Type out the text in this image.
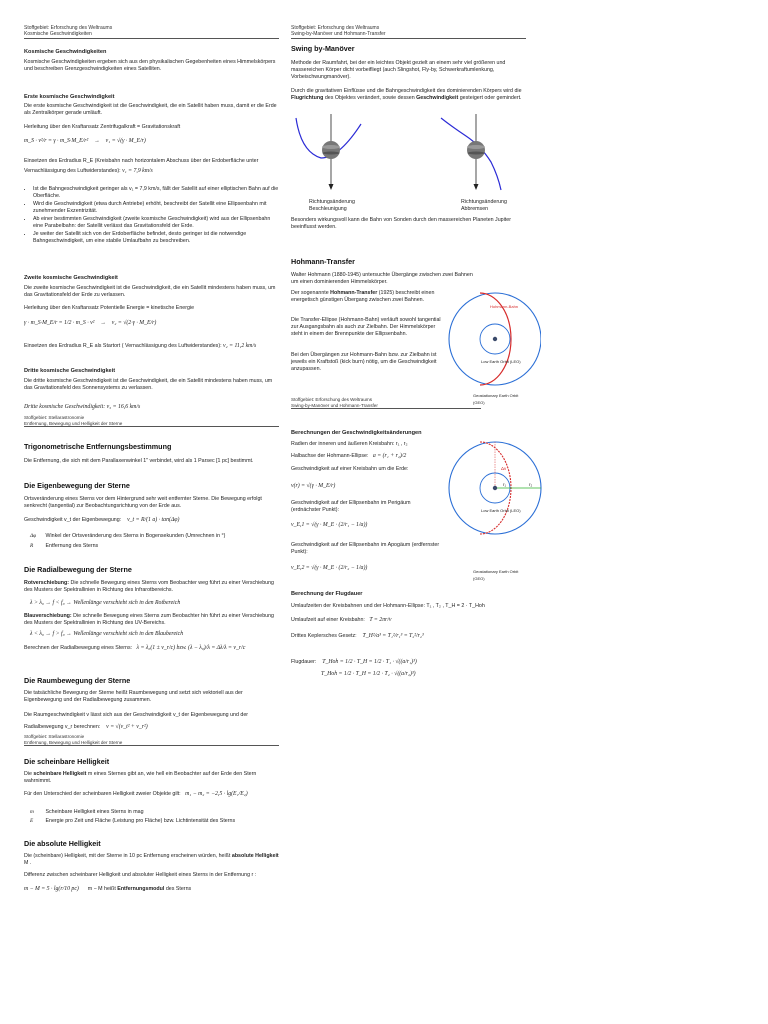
Stoffgebiet: Erforschung des Weltraums
Kosmische Geschwindigkeiten
Kosmische Geschwindigkeiten

Kosmische Geschwindigkeiten ergeben sich aus den physikalischen Gegebenheiten eines Himmelskörpers und beschreiben Grenzgeschwindigkeiten eines Satelliten.

Erste kosmische Geschwindigkeit

Die erste kosmische Geschwindigkeit ist die Geschwindigkeit, die ein Satellit haben muss, damit er die Erde als Zentralkörper gerade umläuft.

Herleitung über den Kraftansatz Zentrifugalkraft = Gravitationskraft

m_S · v²/r = γ · m_S·M_E/r²    →    v₁ = √(γ · M_E/r)

Einsetzen des Erdradius R_E (Kreisbahn nach horizontalem Abschuss über der Erdoberfläche unter

Vernachlässigung des Luftwiderstandes): v₁ = 7,9 km/s

• Ist die Bahngeschwindigkeit geringer als v₁ = 7,9 km/s, fällt der Satellit auf einer elliptischen Bahn auf die Oberfläche.
• Wird die Geschwindigkeit (etwa durch Antriebe) erhöht, beschreibt der Satellit eine Ellipsenbahn mit zunehmender Exzentrizität.
• Ab einer bestimmten Geschwindigkeit (zweite kosmische Geschwindigkeit) wird aus der Ellipsenbahn eine Parabelbahn: der Satellit verlässt das Gravitationsfeld der Erde.
• Je weiter der Satellit sich von der Erdoberfläche befindet, desto geringer ist die notwendige Bahngeschwindigkeit, um eine stabile Umlaufbahn zu beschreiben.
Zweite kosmische Geschwindigkeit

Die zweite kosmische Geschwindigkeit ist die Geschwindigkeit, die ein Satellit mindestens haben muss, um das Gravitationsfeld der Erde zu verlassen.

Herleitung über den Kraftansatz Potentielle Energie = kinetische Energie

γ · m_S·M_E/r = 1/2 · m_S · v²    →    v₂ = √(2·γ · M_E/r)

Einsetzen des Erdradius R_E als Startort ( Vernachlässigung des Luftwiderstandes): v₂ = 11,2 km/s

Dritte kosmische Geschwindigkeit

Die dritte kosmische Geschwindigkeit ist die Geschwindigkeit, die ein Satellit mindestens haben muss, um das Gravitationsfeld des Sonnensystems zu verlassen.

Dritte kosmische Geschwindigkeit: v₃ = 16,6 km/s

Stoffgebiet: Stellarastronomie
Entfernung, Bewegung und Helligkeit der Sterne
Trigonometrische Entfernungsbestimmung

Die Entfernung, die sich mit dem Parallaxenwinkel 1" verbindet, wird als 1 Parsec [1 pc] bestimmt.

Die Eigenbewegung der Sterne

Ortsveränderung eines Sterns vor dem Hintergrund sehr weit entfernter Sterne. Die Bewegung erfolgt senkrecht (tangential) zur Beobachtungsrichtung von der Erde aus.

Geschwindigkeit v_t der Eigenbewegung: v_t = R/(1 a) · tan(Δφ)
Δφ Winkel der Ortsveränderung des Sterns in Bogensekunden (Umrechnen in °)
R Entfernung des Sterns
Die Radialbewegung der Sterne

Rotverschiebung: Die schnelle Bewegung eines Sterns vom Beobachter weg führt zu einer Verschiebung des Musters der Spektrallinien in Richtung des Infrarotbereichs.

λ > λ₀ → f < f₀ → Wellenlänge verschiebt sich in den Rotbereich

Blauverschiebung: Die schnelle Bewegung eines Sterns zum Beobachter hin führt zu einer Verschiebung des Musters der Spektrallinien in Richtung des UV-Bereichs.

λ < λ₀ → f > f₀ → Wellenlänge verschiebt sich in den Blaubereich
Berechnen der Radialbewegung eines Sterns: λ = λ₀(1 ± v_r/c) bzw. (λ − λ₀)/λ = Δλ/λ = v_r/c
Die Raumbewegung der Sterne

Die tatsächliche Bewegung der Sterne heißt Raumbewegung und setzt sich vektoriell aus der Eigenbewegung und der Radialbewegung zusammen.

Die Raumgeschwindigkeit v lässt sich aus der Geschwindigkeit v_t der Eigenbewegung und der

Radialbewegung v_r berechnen: v = √(v_t² + v_r²)

Stoffgebiet: Stellarastronomie
Entfernung, Bewegung und Helligkeit der Sterne
Die scheinbare Helligkeit

Die scheinbare Helligkeit m eines Sternes gibt an, wie hell ein Beobachter auf der Erde den Stern wahrnimmt.

Für den Unterschied der scheinbaren Helligkeit zweier Objekte gilt: m₁ − m₂ = −2,5 · lg(E₁/E₂)
m Scheinbare Helligkeit eines Sterns in mag
E Energie pro Zeit und Fläche (Leistung pro Fläche) bzw. Lichtintensität des Sterns
Die absolute Helligkeit

Die (scheinbare) Helligkeit, mit der Sterne in 10 pc Entfernung erscheinen würden, heißt absolute Helligkeit M .

Differenz zwischen scheinbarer Helligkeit und absoluter Helligkeit eines Sterns in der Entfernung r :

m − M = 5 · lg(r/10 pc) m − M heißt Entfernungsmodul des Sterns
Stoffgebiet: Erforschung des Weltraums
Swing-by-Manöver und Hohmann-Transfer
Swing by-Manöver

Methode der Raumfahrt, bei der ein leichtes Objekt gezielt an einem sehr viel größeren und massereichen Körper dicht vorbeifliegt (auch Slingshot, Fly-by, Schwerkraftumlenkung, Vorbeischwungmanöver).

Durch die gravitativen Einflüsse und die Bahngeschwindigkeit des dominierenden Körpers wird die Flugrichtung des Objektes verändert, sowie dessen Geschwindigkeit gesteigert oder gemindert.

Richtungsänderung
Beschleunigung
Richtungsänderung
Abbremsen

Besonders wirkungsvoll kann die Bahn von Sonden durch den massereichen Planeten Jupiter beeinflusst werden.

Hohmann-Transfer

Walter Hohmann (1880-1945) untersuchte Übergänge zwischen zwei Bahnen um einen dominierenden Himmelskörper.

Der sogenannte Hohmann-Transfer (1925) beschreibt einen energetisch günstigen Übergang zwischen zwei Bahnen.

Die Transfer-Ellipse (Hohmann-Bahn) verläuft sowohl tangential zur Ausgangsbahn als auch zur Zielbahn. Der Himmelskörper steht in einem der Brennpunkte der Ellipsenbahn.

Bei den Übergängen zur Hohmann-Bahn bzw. zur Zielbahn ist jeweils ein Kraftstoß (kick burn) nötig, um die Geschwindigkeit anzupassen.

Hohmann-Bahn
Low Earth Orbit (LEO)
Geostationary Earth Orbit (GEO)
Stoffgebiet: Erforschung des Weltraums
Swing-by-Manöver und Hohmann-Transfer
Berechnungen der Geschwindigkeitsänderungen

Radien der inneren und äußeren Kreisbahn: r₁ , r₂

Halbachse der Hohmann-Ellipse: a = (r₁ + r₂)/2

Geschwindigkeit auf einer Kreisbahn um die Erde:

v(r) = √(γ · M_E/r)

Geschwindigkeit auf der Ellipsenbahn im Perigäum (erdnächster Punkt):

v_E,1 = √(γ · M_E · (2/r₁ − 1/a))

Geschwindigkeit auf der Ellipsenbahn im Apogäum (erdfernster Punkt):

v_E,2 = √(γ · M_E · (2/r₂ − 1/a))
Δv
r₁	r₂
Low Earth Orbit (LEO)
Geostationary Earth Orbit (GEO)
Berechnung der Flugdauer

Umlaufzeiten der Kreisbahnen und der Hohmann-Ellipse: T₁ , T₂ , T_H = 2 · T_Hoh

Umlaufzeit auf einer Kreisbahn: T = 2πr/v
Drittes Keplersches Gesetz: T_H²/a³ = T₁²/r₁³ = T₂²/r₂³
Flugdauer: T_Hoh = 1/2 · T_H = 1/2 · T₁ · √((a/r₁)³)
T_Hoh = 1/2 · T_H = 1/2 · T₂ · √((a/r₂)³)
